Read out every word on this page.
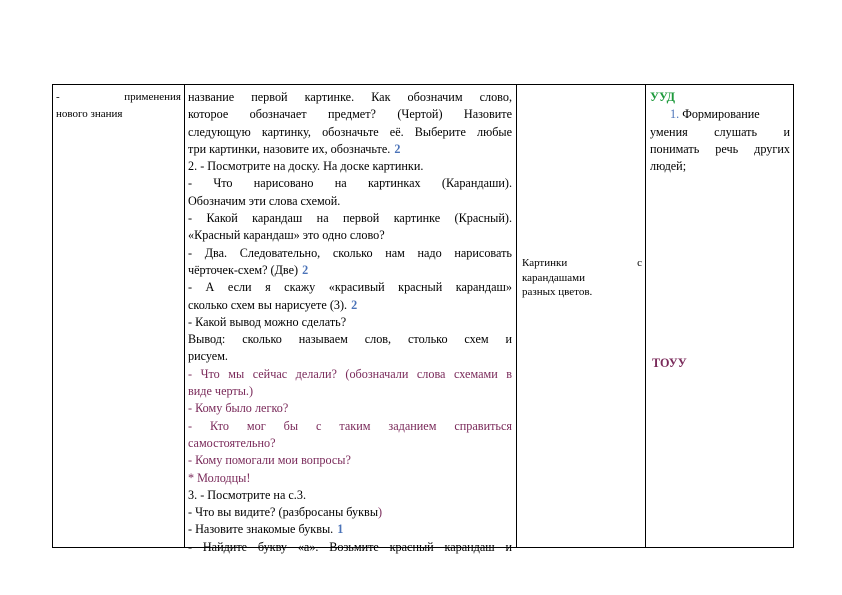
- применения
нового знания
название первой картинке. Как обозначим слово,
которое обозначает предмет? (Чертой) Назовите
следующую картинку, обозначьте её. Выберите любые
три картинки, назовите их, обозначьте. 2
2. - Посмотрите на доску. На доске картинки.
- Что нарисовано на картинках (Карандаши).
Обозначим эти слова схемой.
- Какой карандаш на первой картинке (Красный).
«Красный карандаш» это одно слово?
- Два. Следовательно, сколько нам надо нарисовать
чёрточек-схем? (Две) 2
- А если я скажу «красивый красный карандаш»
сколько схем вы нарисуете (3). 2
- Какой вывод можно сделать?
Вывод: сколько называем слов, столько схем и
рисуем.
- Что мы сейчас делали? (обозначали слова схемами в
виде черты.)
- Кому было легко?
- Кто мог бы с таким заданием справиться
самостоятельно?
- Кому помогали мои вопросы?
* Молодцы!
3. - Посмотрите на с.3.
- Что вы видите? (разбросаны буквы)
- Назовите знакомые буквы. 1
- Найдите букву «а». Возьмите красный карандаш и
Картинки с
карандашами
разных цветов.
УУД
1. Формирование
умения слушать и
понимать речь других
людей;
ТОУУ
